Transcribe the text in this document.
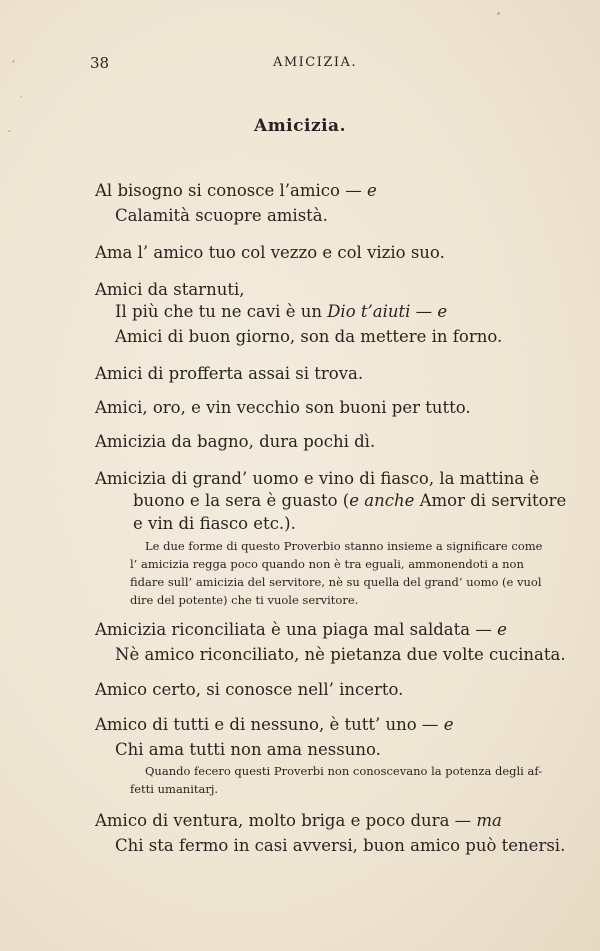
38	AMICIZIA.
Amicizia.
Al bisogno si conosce l’amico — e
Calamità scuopre amistà.
Ama l’ amico tuo col vezzo e col vizio suo.
Amici da starnuti,
Il più che tu ne cavi è un Dio t’aiuti — e
Amici di buon giorno, son da mettere in forno.
Amici di profferta assai si trova.
Amici, oro, e vin vecchio son buoni per tutto.
Amicizia da bagno, dura pochi dì.
Amicizia di grand’ uomo e vino di fiasco, la mattina è
buono e la sera è guasto (e anche Amor di servitore
e vin di fiasco etc.).
Le due forme di questo Proverbio stanno insieme a significare come
l’ amicizia regga poco quando non è tra eguali, ammonendoti a non
fidare sull’ amicizia del servitore, nè su quella del grand’ uomo (e vuol
dire del potente) che ti vuole servitore.
Amicizia riconciliata è una piaga mal saldata — e
Nè amico riconciliato, nè pietanza due volte cucinata.
Amico certo, si conosce nell’ incerto.
Amico di tutti e di nessuno, è tutt’ uno — e
Chi ama tutti non ama nessuno.
Quando fecero questi Proverbi non conoscevano la potenza degli af-
fetti umanitarj.
Amico di ventura, molto briga e poco dura — ma
Chi sta fermo in casi avversi, buon amico può tenersi.
